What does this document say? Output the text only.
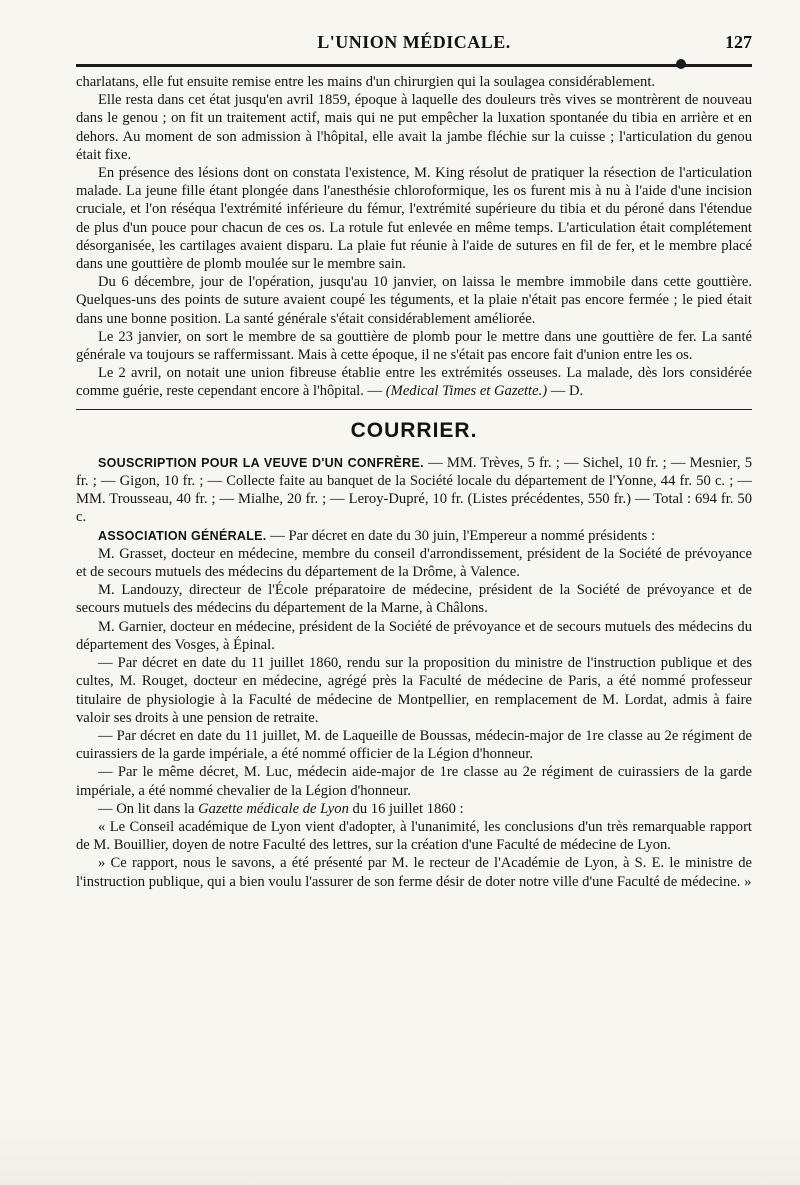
L'UNION MÉDICALE.	127

charlatans, elle fut ensuite remise entre les mains d'un chirurgien qui la soulagea considérablement.

Elle resta dans cet état jusqu'en avril 1859, époque à laquelle des douleurs très vives se montrèrent de nouveau dans le genou ; on fit un traitement actif, mais qui ne put empêcher la luxation spontanée du tibia en arrière et en dehors. Au moment de son admission à l'hôpital, elle avait la jambe fléchie sur la cuisse ; l'articulation du genou était fixe.

En présence des lésions dont on constata l'existence, M. King résolut de pratiquer la résection de l'articulation malade. La jeune fille étant plongée dans l'anesthésie chloroformique, les os furent mis à nu à l'aide d'une incision cruciale, et l'on réséqua l'extrémité inférieure du fémur, l'extrémité supérieure du tibia et du péroné dans l'étendue de plus d'un pouce pour chacun de ces os. La rotule fut enlevée en même temps. L'articulation était complétement désorganisée, les cartilages avaient disparu. La plaie fut réunie à l'aide de sutures en fil de fer, et le membre placé dans une gouttière de plomb moulée sur le membre sain.

Du 6 décembre, jour de l'opération, jusqu'au 10 janvier, on laissa le membre immobile dans cette gouttière. Quelques-uns des points de suture avaient coupé les téguments, et la plaie n'était pas encore fermée ; le pied était dans une bonne position. La santé générale s'était considérablement améliorée.

Le 23 janvier, on sort le membre de sa gouttière de plomb pour le mettre dans une gouttière de fer. La santé générale va toujours se raffermissant. Mais à cette époque, il ne s'était pas encore fait d'union entre les os.

Le 2 avril, on notait une union fibreuse établie entre les extrémités osseuses. La malade, dès lors considérée comme guérie, reste cependant encore à l'hôpital. — (Medical Times et Gazette.) — D.

COURRIER.

SOUSCRIPTION POUR LA VEUVE D'UN CONFRÈRE. — MM. Trèves, 5 fr. ; — Sichel, 10 fr. ; — Mesnier, 5 fr. ; — Gigon, 10 fr. ; — Collecte faite au banquet de la Société locale du département de l'Yonne, 44 fr. 50 c. ; — MM. Trousseau, 40 fr. ; — Mialhe, 20 fr. ; — Leroy-Dupré, 10 fr. (Listes précédentes, 550 fr.) — Total : 694 fr. 50 c.

ASSOCIATION GÉNÉRALE. — Par décret en date du 30 juin, l'Empereur a nommé présidents :

M. Grasset, docteur en médecine, membre du conseil d'arrondissement, président de la Société de prévoyance et de secours mutuels des médecins du département de la Drôme, à Valence.

M. Landouzy, directeur de l'École préparatoire de médecine, président de la Société de prévoyance et de secours mutuels des médecins du département de la Marne, à Châlons.

M. Garnier, docteur en médecine, président de la Société de prévoyance et de secours mutuels des médecins du département des Vosges, à Épinal.

— Par décret en date du 11 juillet 1860, rendu sur la proposition du ministre de l'instruction publique et des cultes, M. Rouget, docteur en médecine, agrégé près la Faculté de médecine de Paris, a été nommé professeur titulaire de physiologie à la Faculté de médecine de Montpellier, en remplacement de M. Lordat, admis à faire valoir ses droits à une pension de retraite.

— Par décret en date du 11 juillet, M. de Laqueille de Boussas, médecin-major de 1re classe au 2e régiment de cuirassiers de la garde impériale, a été nommé officier de la Légion d'honneur.

— Par le même décret, M. Luc, médecin aide-major de 1re classe au 2e régiment de cuirassiers de la garde impériale, a été nommé chevalier de la Légion d'honneur.

— On lit dans la Gazette médicale de Lyon du 16 juillet 1860 :

« Le Conseil académique de Lyon vient d'adopter, à l'unanimité, les conclusions d'un très remarquable rapport de M. Bouillier, doyen de notre Faculté des lettres, sur la création d'une Faculté de médecine de Lyon.

» Ce rapport, nous le savons, a été présenté par M. le recteur de l'Académie de Lyon, à S. E. le ministre de l'instruction publique, qui a bien voulu l'assurer de son ferme désir de doter notre ville d'une Faculté de médecine. »
